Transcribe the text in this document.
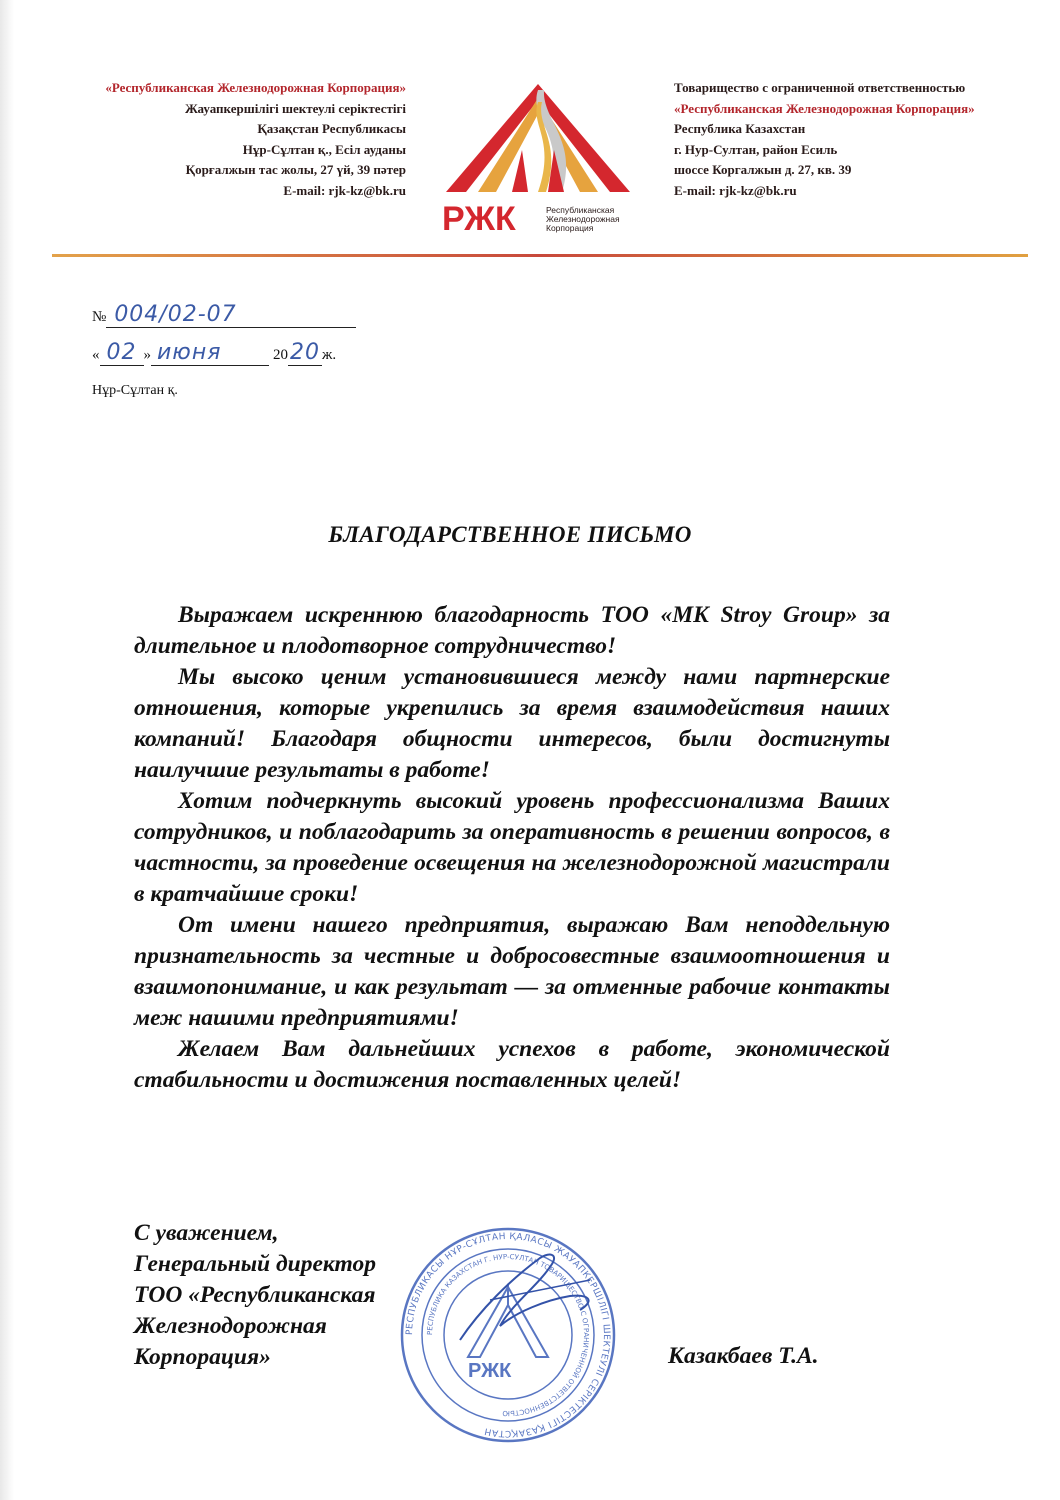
«Республиканская Железнодорожная Корпорация»
Жауапкершілігі шектеулі серіктестігі
Қазақстан Республикасы
Нұр-Сұлтан қ., Есіл ауданы
Қорғалжын тас жолы, 27 үй, 39 пәтер
E-mail: rjk-kz@bk.ru
РЖК	Республиканская
Железнодорожная
Корпорация
Товарищество с ограниченной ответственностью
«Республиканская Железнодорожная Корпорация»
Республика Казахстан
г. Нур-Султан, район Есиль
шоссе Коргалжын д. 27, кв. 39
E-mail: rjk-kz@bk.ru
№ 004/02-07
« 02 » июня	2020 ж.
Нұр-Сұлтан қ.
БЛАГОДАРСТВЕННОЕ ПИСЬМО

Выражаем искреннюю благодарность ТОО «MK Stroy Group» за длительное и плодотворное сотрудничество!

Мы высоко ценим установившиеся между нами партнерские отношения, которые укрепились за время взаимодействия наших компаний! Благодаря общности интересов, были достигнуты наилучшие результаты в работе!

Хотим подчеркнуть высокий уровень профессионализма Ваших сотрудников, и поблагодарить за оперативность в решении вопросов, в частности, за проведение освещения на железнодорожной магистрали в кратчайшие сроки!

От имени нашего предприятия, выражаю Вам неподдельную признательность за честные и добросовестные взаимоотношения и взаимопонимание, и как результат — за отменные рабочие контакты меж нашими предприятиями!

Желаем Вам дальнейших успехов в работе, экономической стабильности и достижения поставленных целей!

С уважением,
Генеральный директор
ТОО «Республиканская
Железнодорожная
Корпорация»
РЕСПУБЛИКАСЫ НҰР-СҰЛТАН ҚАЛАСЫ ЖАУАПКЕРШІЛІГІ ШЕКТЕУЛІ СЕРІКТЕСТІГІ ҚАЗАҚСТАН
РЕСПУБЛИКА КАЗАХСТАН Г. НУР-СУЛТАН ТОВАРИЩЕСТВО С ОГРАНИЧЕННОЙ ОТВЕТСТВЕННОСТЬЮ
РЖК
Казакбаев Т.А.
